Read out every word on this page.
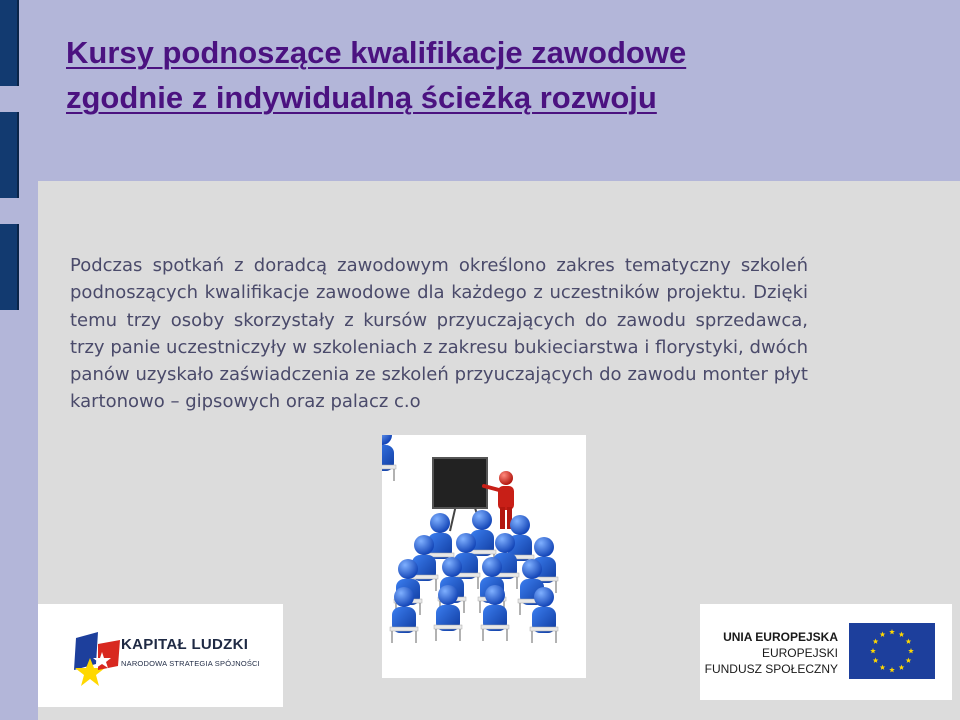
Kursy podnoszące kwalifikacje zawodowe
zgodnie z indywidualną ścieżką rozwoju

Podczas spotkań z doradcą zawodowym określono zakres tematyczny szkoleń podnoszących kwalifikacje zawodowe dla każdego z uczestników projektu. Dzięki temu trzy osoby skorzystały z kursów przyuczających do zawodu sprzedawca, trzy panie uczestniczyły w szkoleniach z zakresu bukieciarstwa i florystyki, dwóch panów uzyskało zaświadczenia ze szkoleń przyuczających do zawodu monter płyt kartonowo – gipsowych oraz palacz c.o

KAPITAŁ LUDZKI
NARODOWA STRATEGIA SPÓJNOŚCI
UNIA EUROPEJSKA
EUROPEJSKI
FUNDUSZ SPOŁECZNY
